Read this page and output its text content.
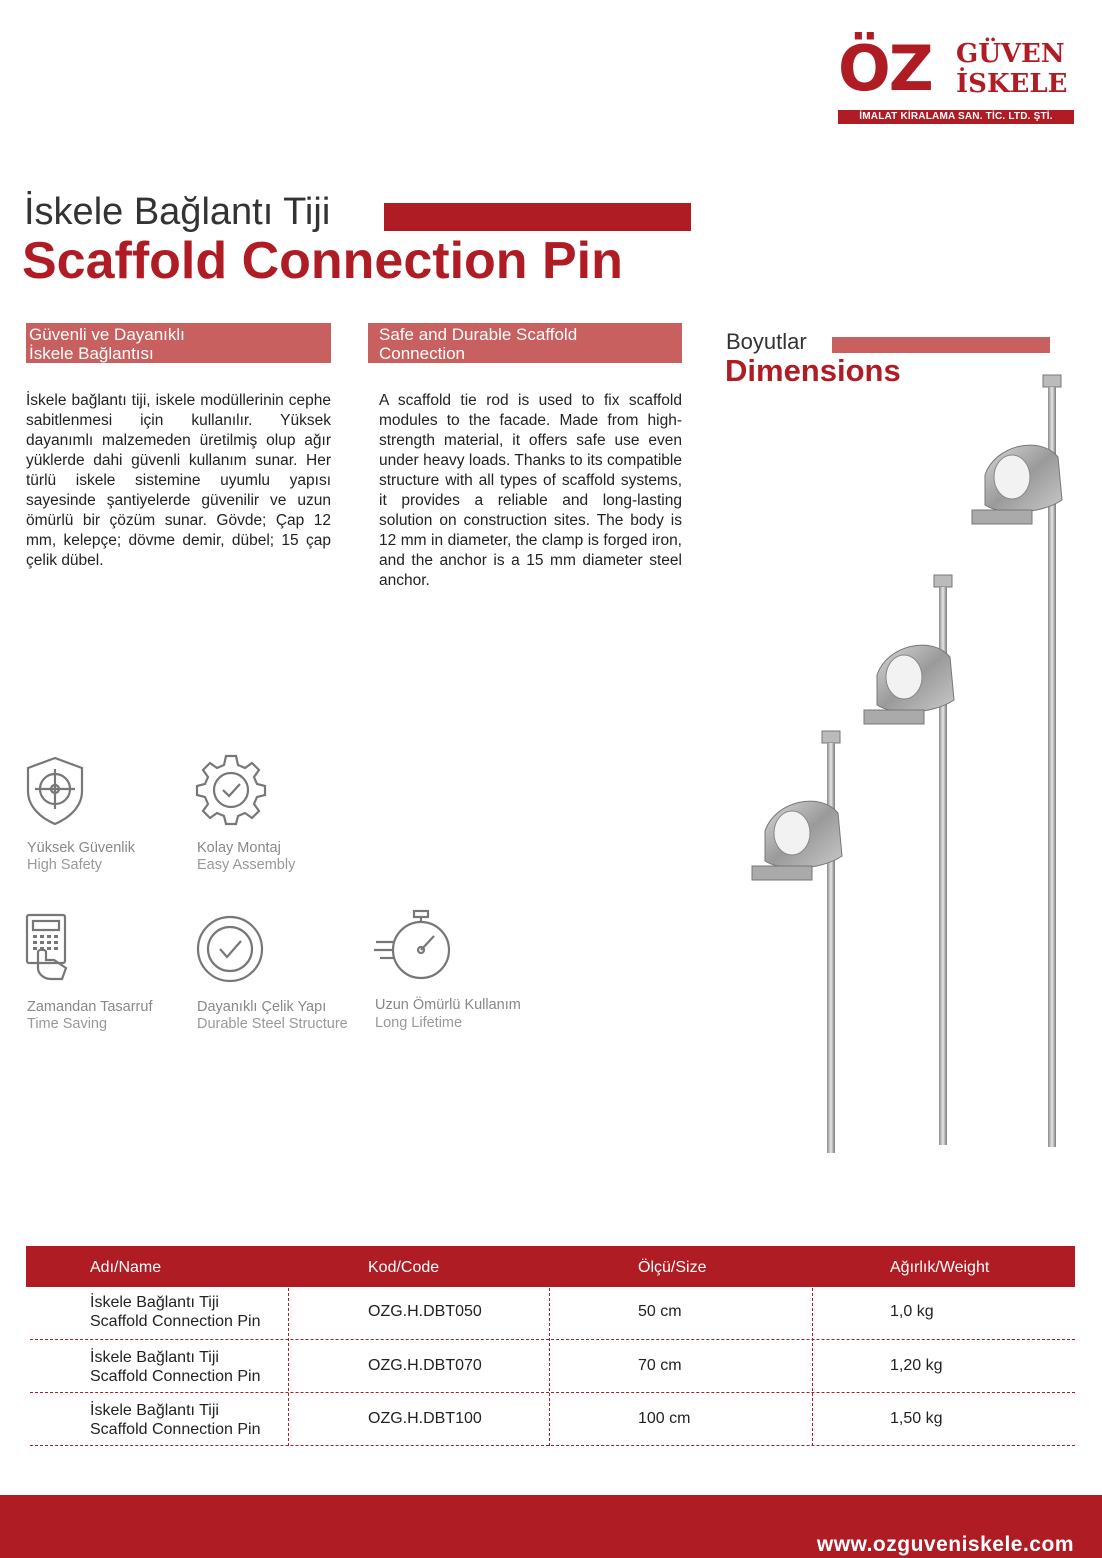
ÖZ GÜVEN
İSKELE
İMALAT KİRALAMA SAN. TİC. LTD. ŞTİ.
İskele Bağlantı Tiji
Scaffold Connection Pin
Güvenli ve Dayanıklı
İskele Bağlantısı
İskele bağlantı tiji, iskele modüllerinin cephe sabitlenmesi için kullanılır. Yüksek dayanımlı malzemeden üretilmiş olup ağır yüklerde dahi güvenli kullanım sunar. Her türlü iskele sistemine uyumlu yapısı sayesinde şantiyelerde güvenilir ve uzun ömürlü bir çözüm sunar. Gövde; Çap 12 mm, kelepçe; dövme demir, dübel; 15 çap çelik dübel.
Safe and Durable Scaffold
Connection
A scaffold tie rod is used to fix scaffold modules to the facade. Made from high-strength material, it offers safe use even under heavy loads. Thanks to its compatible structure with all types of scaffold systems, it provides a reliable and long-lasting solution on construction sites. The body is 12 mm in diameter, the clamp is forged iron, and the anchor is a 15 mm diameter steel anchor.
Boyutlar
Dimensions
Yüksek Güvenlik
High Safety
Kolay Montaj
Easy Assembly
Zamandan Tasarruf
Time Saving
Dayanıklı Çelik Yapı
Durable Steel Structure
Uzun Ömürlü Kullanım
Long Lifetime
Adı/Name	Kod/Code	Ölçü/Size	Ağırlık/Weight
İskele Bağlantı Tiji
Scaffold Connection Pin
OZG.H.DBT050	50 cm	1,0 kg
İskele Bağlantı Tiji
Scaffold Connection Pin
OZG.H.DBT070	70 cm	1,20 kg
İskele Bağlantı Tiji
Scaffold Connection Pin
OZG.H.DBT100	100 cm	1,50 kg
www.ozguveniskele.com
